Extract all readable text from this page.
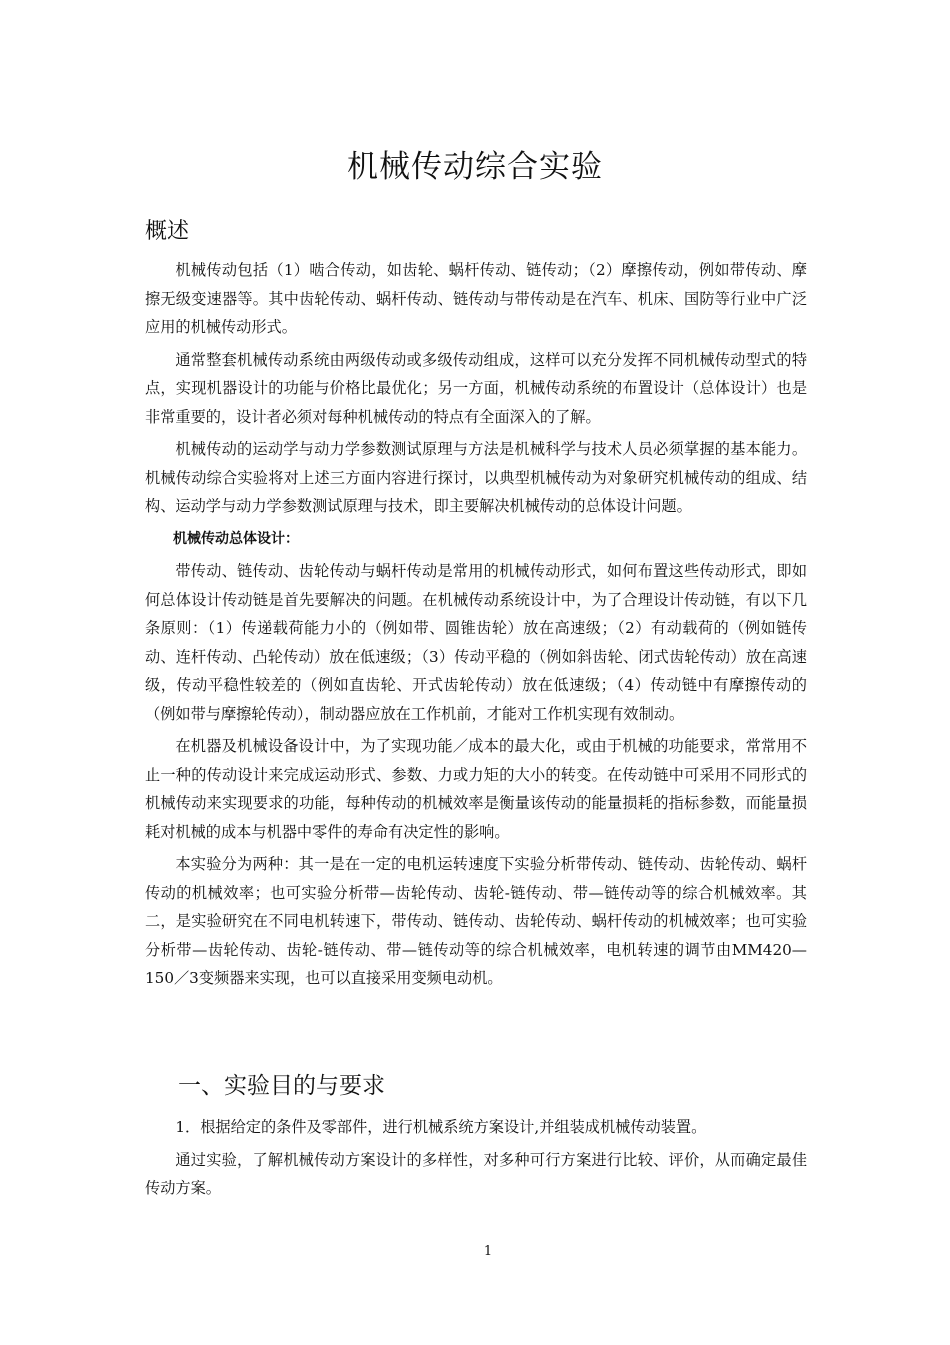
机械传动综合实验
概述

机械传动包括（1）啮合传动，如齿轮、蜗杆传动、链传动；（2）摩擦传动，例如带传动、摩擦无级变速器等。其中齿轮传动、蜗杆传动、链传动与带传动是在汽车、机床、国防等行业中广泛应用的机械传动形式。

通常整套机械传动系统由两级传动或多级传动组成，这样可以充分发挥不同机械传动型式的特点，实现机器设计的功能与价格比最优化；另一方面，机械传动系统的布置设计（总体设计）也是非常重要的，设计者必须对每种机械传动的特点有全面深入的了解。

机械传动的运动学与动力学参数测试原理与方法是机械科学与技术人员必须掌握的基本能力。机械传动综合实验将对上述三方面内容进行探讨，以典型机械传动为对象研究机械传动的组成、结构、运动学与动力学参数测试原理与技术，即主要解决机械传动的总体设计问题。

机械传动总体设计：

带传动、链传动、齿轮传动与蜗杆传动是常用的机械传动形式，如何布置这些传动形式，即如何总体设计传动链是首先要解决的问题。在机械传动系统设计中，为了合理设计传动链，有以下几条原则：（1）传递载荷能力小的（例如带、圆锥齿轮）放在高速级；（2）有动载荷的（例如链传动、连杆传动、凸轮传动）放在低速级；（3）传动平稳的（例如斜齿轮、闭式齿轮传动）放在高速级，传动平稳性较差的（例如直齿轮、开式齿轮传动）放在低速级；（4）传动链中有摩擦传动的（例如带与摩擦轮传动），制动器应放在工作机前，才能对工作机实现有效制动。

在机器及机械设备设计中，为了实现功能／成本的最大化，或由于机械的功能要求，常常用不止一种的传动设计来完成运动形式、参数、力或力矩的大小的转变。在传动链中可采用不同形式的机械传动来实现要求的功能，每种传动的机械效率是衡量该传动的能量损耗的指标参数，而能量损耗对机械的成本与机器中零件的寿命有决定性的影响。

本实验分为两种：其一是在一定的电机运转速度下实验分析带传动、链传动、齿轮传动、蜗杆传动的机械效率；也可实验分析带—齿轮传动、齿轮-链传动、带—链传动等的综合机械效率。其二，是实验研究在不同电机转速下，带传动、链传动、齿轮传动、蜗杆传动的机械效率；也可实验分析带—齿轮传动、齿轮-链传动、带—链传动等的综合机械效率，电机转速的调节由MM420—150／3变频器来实现，也可以直接采用变频电动机。

一、实验目的与要求

1．根据给定的条件及零部件，进行机械系统方案设计,并组装成机械传动装置。

通过实验，了解机械传动方案设计的多样性，对多种可行方案进行比较、评价，从而确定最佳传动方案。

1
